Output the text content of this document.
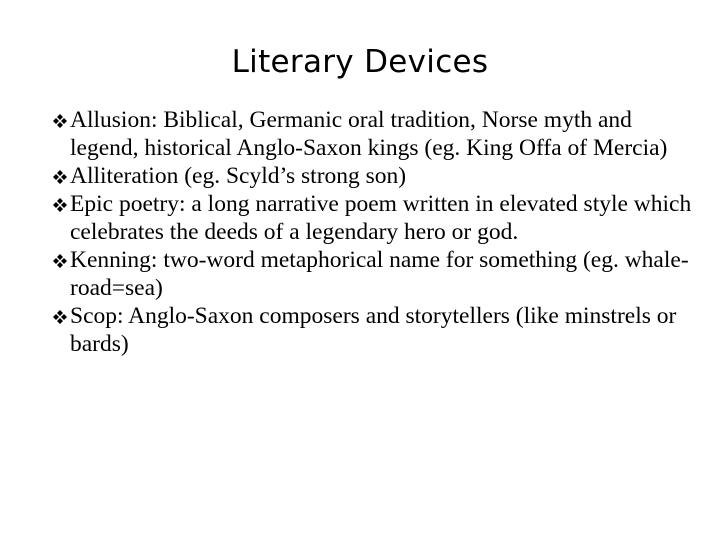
Literary Devices
Allusion: Biblical, Germanic oral tradition, Norse myth and legend, historical Anglo-Saxon kings (eg. King Offa of Mercia)
Alliteration (eg. Scyld’s strong son)
Epic poetry: a long narrative poem written in elevated style which celebrates the deeds of a legendary hero or god.
Kenning: two-word metaphorical name for something (eg. whale-road=sea)
Scop: Anglo-Saxon composers and storytellers (like minstrels or bards)
